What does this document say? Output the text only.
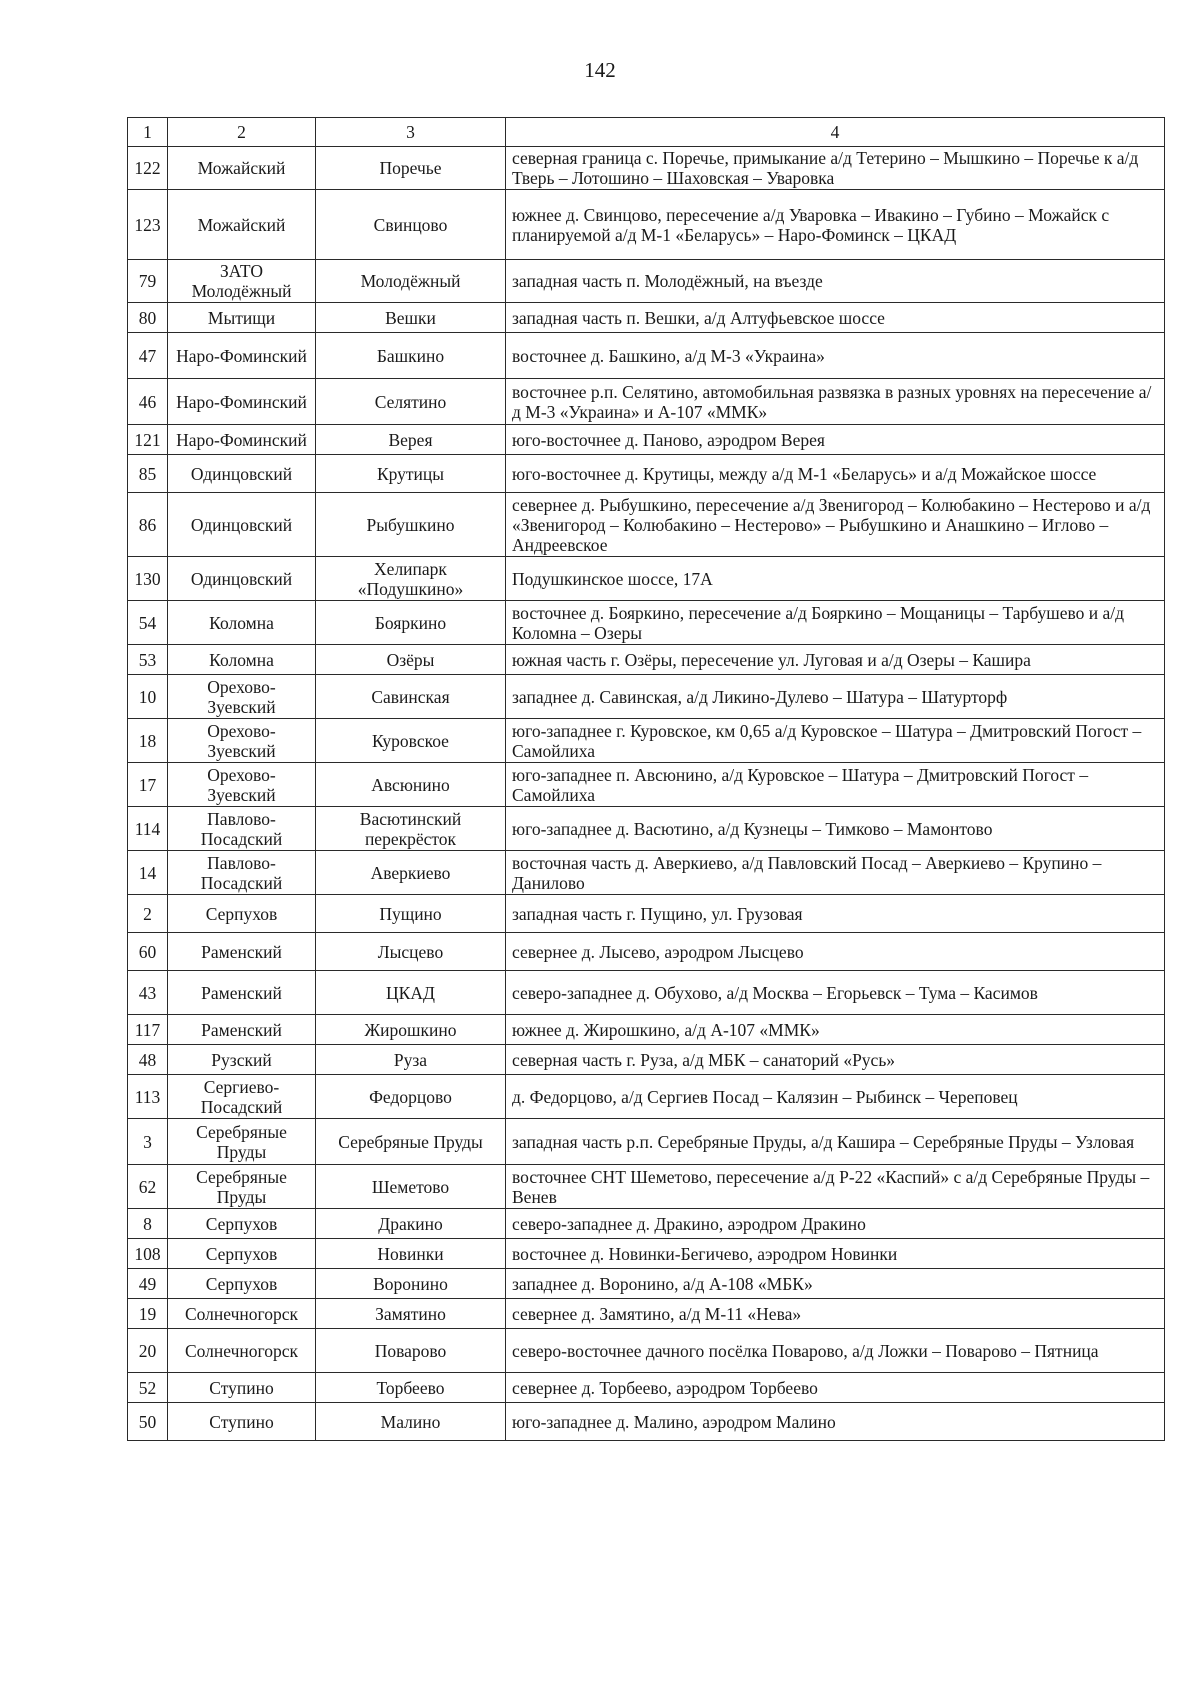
142
1	2	3	4
122	Можайский	Поречье	северная граница с. Поречье, примыкание а/д Тетерино – Мышкино – Поречье к а/д Тверь – Лотошино – Шаховская – Уваровка
123	Можайский	Свинцово	южнее д. Свинцово, пересечение а/д Уваровка – Ивакино – Губино – Можайск с планируемой а/д М-1 «Беларусь» – Наро-Фоминск – ЦКАД
79	ЗАТО Молодёжный	Молодёжный	западная часть п. Молодёжный, на въезде
80	Мытищи	Вешки	западная часть п. Вешки, а/д Алтуфьевское шоссе
47	Наро-Фоминский	Башкино	восточнее д. Башкино, а/д М-3 «Украина»
46	Наро-Фоминский	Селятино	восточнее р.п. Селятино, автомобильная развязка в разных уровнях на пересечение а/д М-3 «Украина» и А-107 «ММК»
121	Наро-Фоминский	Верея	юго-восточнее д. Паново, аэродром Верея
85	Одинцовский	Крутицы	юго-восточнее д. Крутицы, между а/д М-1 «Беларусь» и а/д Можайское шоссе
86	Одинцовский	Рыбушкино	севернее д. Рыбушкино, пересечение а/д Звенигород – Колюбакино – Нестерово и а/д «Звенигород – Колюбакино – Нестерово» – Рыбушкино и Анашкино – Иглово – Андреевское
130	Одинцовский	Хелипарк «Подушкино»	Подушкинское шоссе, 17А
54	Коломна	Бояркино	восточнее д. Бояркино, пересечение а/д Бояркино – Мощаницы – Тарбушево и а/д Коломна – Озеры
53	Коломна	Озёры	южная часть г. Озёры, пересечение ул. Луговая и а/д Озеры – Кашира
10	Орехово-Зуевский	Савинская	западнее д. Савинская, а/д Ликино-Дулево – Шатура – Шатурторф
18	Орехово-Зуевский	Куровское	юго-западнее г. Куровское, км 0,65 а/д Куровское – Шатура – Дмитровский Погост – Самойлиха
17	Орехово-Зуевский	Авсюнино	юго-западнее п. Авсюнино, а/д Куровское – Шатура – Дмитровский Погост – Самойлиха
114	Павлово-Посадский	Васютинский перекрёсток	юго-западнее д. Васютино, а/д Кузнецы – Тимково – Мамонтово
14	Павлово-Посадский	Аверкиево	восточная часть д. Аверкиево, а/д Павловский Посад – Аверкиево – Крупино – Данилово
2	Серпухов	Пущино	западная часть г. Пущино, ул. Грузовая
60	Раменский	Лысцево	севернее д. Лысево, аэродром Лысцево
43	Раменский	ЦКАД	северо-западнее д. Обухово, а/д Москва – Егорьевск – Тума – Касимов
117	Раменский	Жирошкино	южнее д. Жирошкино, а/д А-107 «ММК»
48	Рузский	Руза	северная часть г. Руза, а/д МБК – санаторий «Русь»
113	Сергиево-Посадский	Федорцово	д. Федорцово, а/д Сергиев Посад – Калязин – Рыбинск – Череповец
3	Серебряные Пруды	Серебряные Пруды	западная часть р.п. Серебряные Пруды, а/д Кашира – Серебряные Пруды – Узловая
62	Серебряные Пруды	Шеметово	восточнее СНТ Шеметово, пересечение а/д Р-22 «Каспий» с а/д Серебряные Пруды – Венев
8	Серпухов	Дракино	северо-западнее д. Дракино, аэродром Дракино
108	Серпухов	Новинки	восточнее д. Новинки-Бегичево, аэродром Новинки
49	Серпухов	Воронино	западнее д. Воронино, а/д А-108 «МБК»
19	Солнечногорск	Замятино	севернее д. Замятино, а/д М-11 «Нева»
20	Солнечногорск	Поварово	северо-восточнее дачного посёлка Поварово, а/д Ложки – Поварово – Пятница
52	Ступино	Торбеево	севернее д. Торбеево, аэродром Торбеево
50	Ступино	Малино	юго-западнее д. Малино, аэродром Малино
